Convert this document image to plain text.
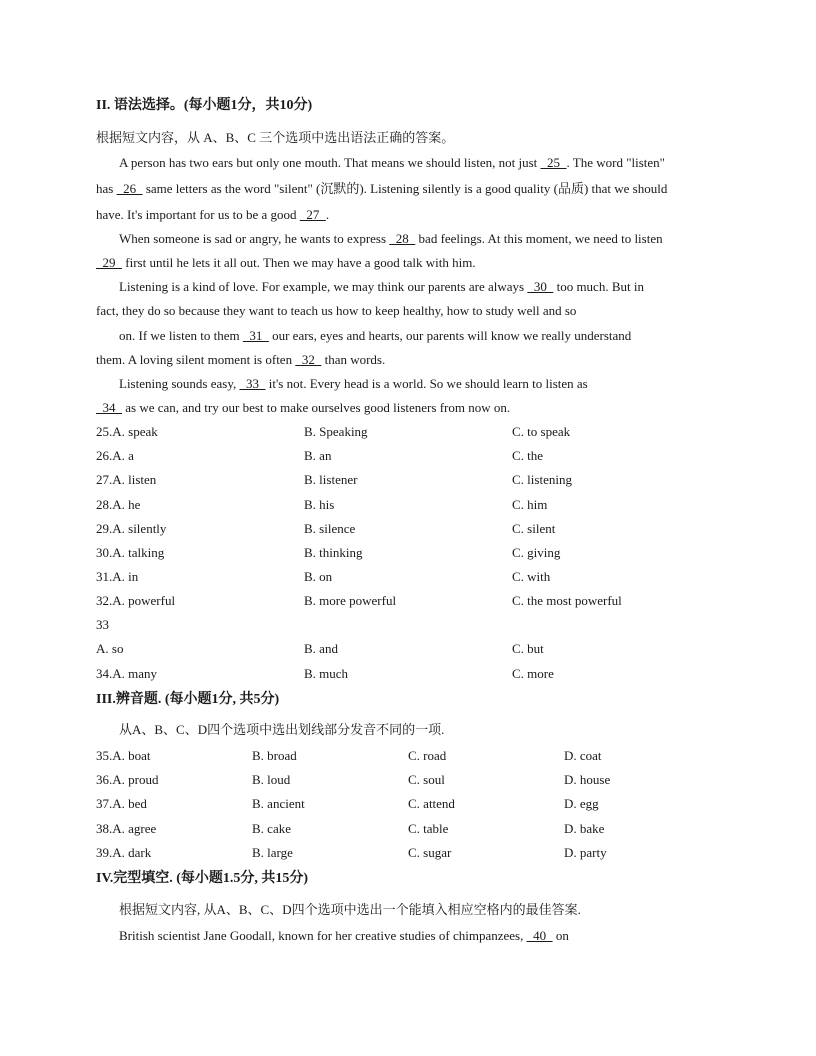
II. 语法选择。(每小题1分，共10分)
根据短文内容，从 A、B、C 三个选项中选出语法正确的答案。
A person has two ears but only one mouth. That means we should listen, not just   25  . The word "listen"
has   26   same letters as the word "silent" (沉默的). Listening silently is a good quality (品质) that we should
have. It's important for us to be a good   27  .
When someone is sad or angry, he wants to express   28   bad feelings. At this moment, we need to listen
29   first until he lets it all out. Then we may have a good talk with him.
Listening is a kind of love. For example, we may think our parents are always   30   too much. But in
fact, they do so because they want to teach us how to keep healthy, how to study well and so
on. If we listen to them   31   our ears, eyes and hearts, our parents will know we really understand
them. A loving silent moment is often   32   than words.
Listening sounds easy,   33   it's not. Every head is a world. So we should learn to listen as
34   as we can, and try our best to make ourselves good listeners from now on.
25.A. speak	B. Speaking	C. to speak
26.A. a	B. an	C. the
27.A. listen	B. listener	C. listening
28.A. he	B. his	C. him
29.A. silently	B. silence	C. silent
30.A. talking	B. thinking	C. giving
31.A. in	B. on	C. with
32.A. powerful	B. more powerful	C. the most powerful
33
A. so	B. and	C. but
34.A. many	B. much	C. more
III.辨音题. (每小题1分, 共5分)
从A、B、C、D四个选项中选出划线部分发音不同的一项.
35.A. boat	B. broad	C. road	D. coat
36.A. proud	B. loud	C. soul	D. house
37.A. bed	B. ancient	C. attend	D. egg
38.A. agree	B. cake	C. table	D. bake
39.A. dark	B. large	C. sugar	D. party
IV.完型填空. (每小题1.5分, 共15分)
根据短文内容, 从A、B、C、D四个选项中选出一个能填入相应空格内的最佳答案.
British scientist Jane Goodall, known for her creative studies of chimpanzees,   40   on
